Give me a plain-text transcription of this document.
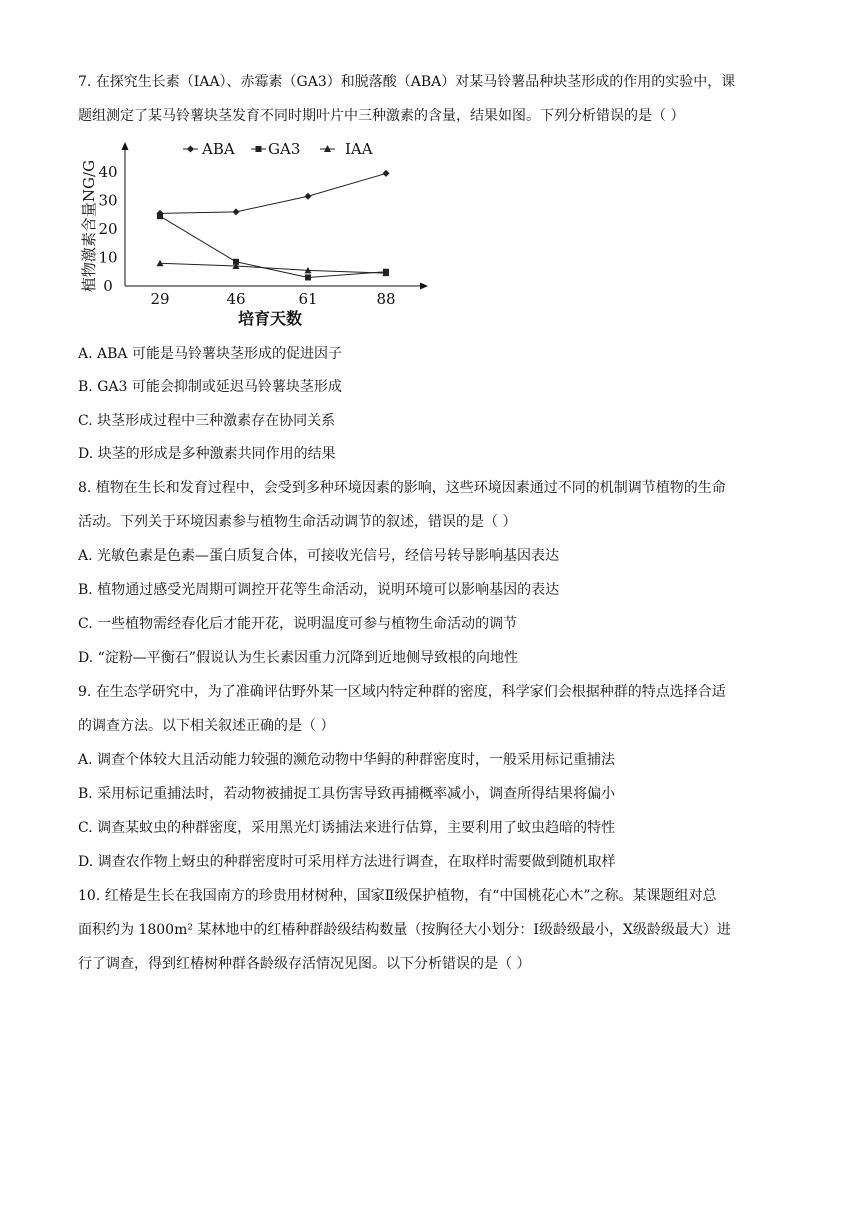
7. 在探究生长素（IAA）、赤霉素（GA3）和脱落酸（ABA）对某马铃薯品种块茎形成的作用的实验中，课
题组测定了某马铃薯块茎发育不同时期叶片中三种激素的含量，结果如图。下列分析错误的是（ ）
ABA GA3	IAA
0
10
20
30
40
植物激素含量NG/G
29	46	61	88
培育天数
A. ABA 可能是马铃薯块茎形成的促进因子
B. GA3 可能会抑制或延迟马铃薯块茎形成
C. 块茎形成过程中三种激素存在协同关系
D. 块茎的形成是多种激素共同作用的结果
8. 植物在生长和发育过程中，会受到多种环境因素的影响，这些环境因素通过不同的机制调节植物的生命
活动。下列关于环境因素参与植物生命活动调节的叙述，错误的是（ ）
A. 光敏色素是色素—蛋白质复合体，可接收光信号，经信号转导影响基因表达
B. 植物通过感受光周期可调控开花等生命活动，说明环境可以影响基因的表达
C. 一些植物需经春化后才能开花，说明温度可参与植物生命活动的调节
D. “淀粉—平衡石”假说认为生长素因重力沉降到近地侧导致根的向地性
9. 在生态学研究中，为了准确评估野外某一区域内特定种群的密度，科学家们会根据种群的特点选择合适
的调查方法。以下相关叙述正确的是（ ）
A. 调查个体较大且活动能力较强的濒危动物中华鲟的种群密度时，一般采用标记重捕法
B. 采用标记重捕法时，若动物被捕捉工具伤害导致再捕概率减小，调查所得结果将偏小
C. 调查某蚊虫的种群密度，采用黑光灯诱捕法来进行估算，主要利用了蚊虫趋暗的特性
D. 调查农作物上蚜虫的种群密度时可采用样方法进行调查，在取样时需要做到随机取样
10. 红椿是生长在我国南方的珍贵用材树种，国家Ⅱ级保护植物，有“中国桃花心木”之称。某课题组对总
面积约为 1800m² 某林地中的红椿种群龄级结构数量（按胸径大小划分：Ⅰ级龄级最小，Ⅹ级龄级最大）进
行了调查，得到红椿树种群各龄级存活情况见图。以下分析错误的是（ ）
